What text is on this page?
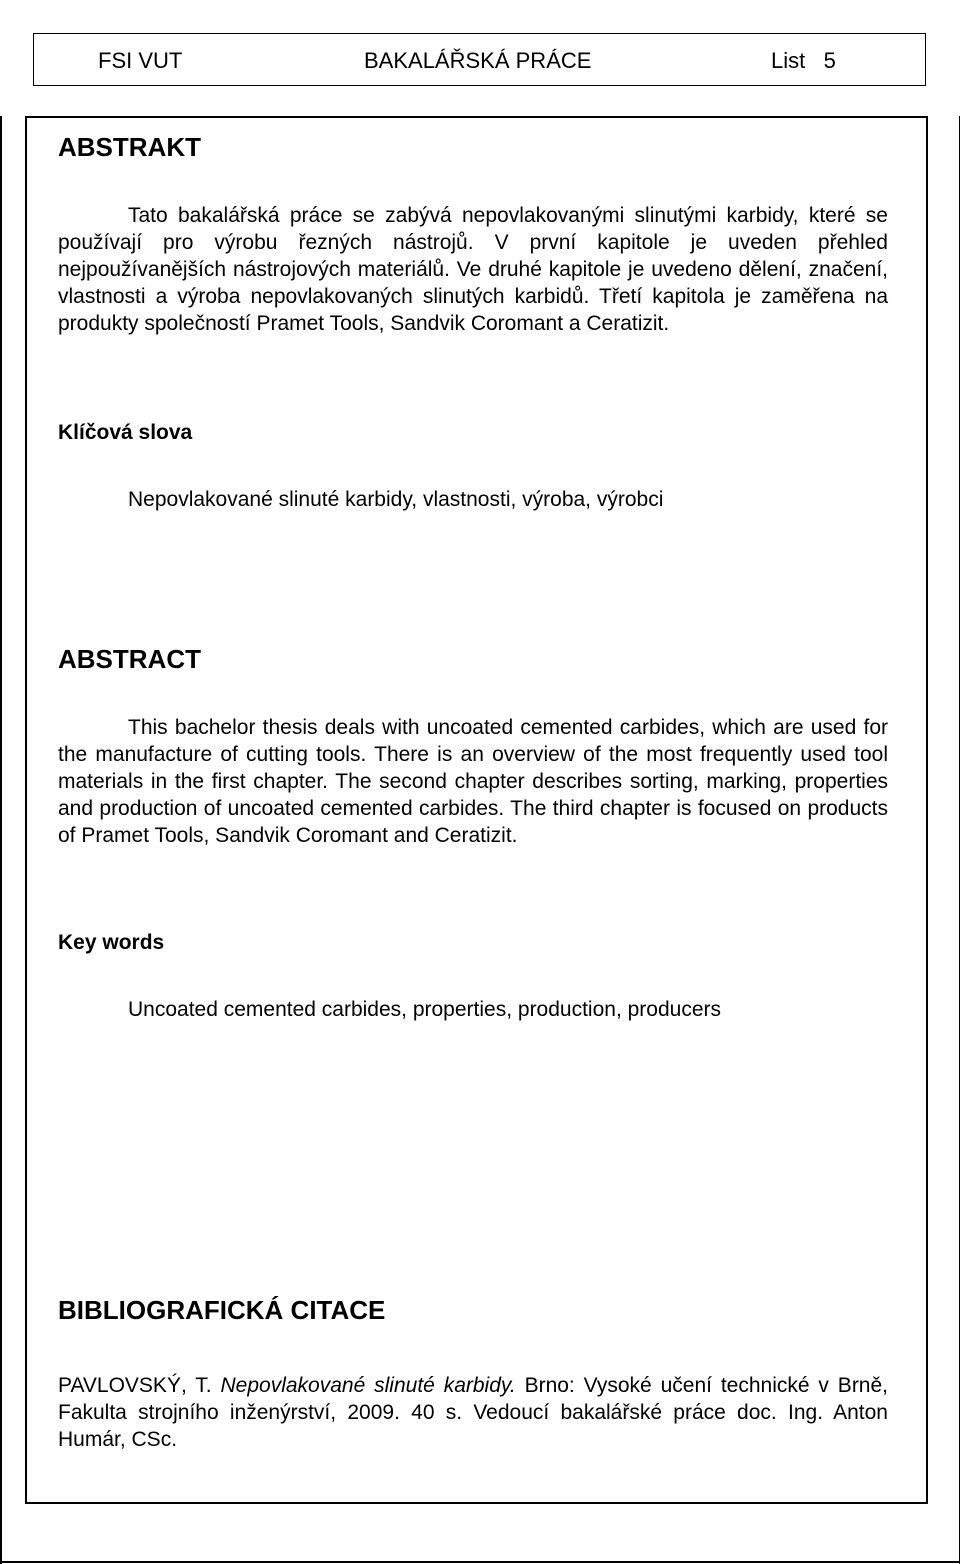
FSI VUT	BAKALÁŘSKÁ PRÁCE	List   5
ABSTRAKT

Tato bakalářská práce se zabývá nepovlakovanými slinutými karbidy, které se používají pro výrobu řezných nástrojů. V první kapitole je uveden přehled nejpoužívanějších nástrojových materiálů. Ve druhé kapitole je uvedeno dělení, značení, vlastnosti a výroba nepovlakovaných slinutých karbidů. Třetí kapitola je zaměřena na produkty společností Pramet Tools, Sandvik Coromant a Ceratizit.

Klíčová slova

Nepovlakované slinuté karbidy, vlastnosti, výroba, výrobci

ABSTRACT

This bachelor thesis deals with uncoated cemented carbides, which are used for the manufacture of cutting tools. There is an overview of the most frequently used tool materials in the first chapter. The second chapter describes sorting, marking, properties and production of uncoated cemented carbides. The third chapter is focused on products of Pramet Tools, Sandvik Coromant and Ceratizit.

Key words

Uncoated cemented carbides, properties, production, producers

BIBLIOGRAFICKÁ CITACE

PAVLOVSKÝ, T. Nepovlakované slinuté karbidy. Brno: Vysoké učení technické v Brně, Fakulta strojního inženýrství, 2009. 40 s. Vedoucí bakalářské práce doc. Ing. Anton Humár, CSc.
